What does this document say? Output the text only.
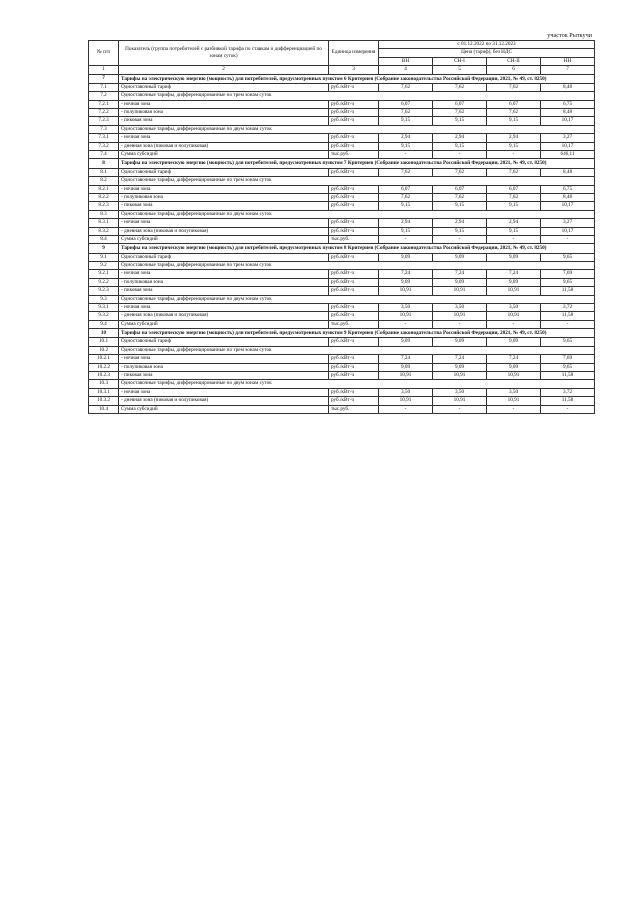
участок Рыткучи
№ п/п	Показатель (группа потребителей с разбивкой тарифа по ставкам и дифференциацией по зонам суток)	Единица измерения	с 01.12.2022 по 31.12.2023			
			Цена (тариф), без НДС			
			ВН	СН-I	СН-II	НН
1	2	3	4	5	6	7
7	Тарифы на электрическую энергию (мощность) для потребителей, предусмотренных пунктом 6 Критериев (Собрание законодательства Российской Федерации, 2021, № 49, ст. 8250)					
7.1	Одноставочный тариф	руб./кВт·ч	7,62	7,62	7,62	8,48
7.2	Одноставочные тарифы, дифференцированные по трем зонам суток					
7.2.1	- ночная зона	руб./кВт·ч	6,07	6,07	6,07	6,75
7.2.2	- полупиковая зона	руб./кВт·ч	7,62	7,62	7,62	8,48
7.2.3	- пиковая зона	руб./кВт·ч	9,15	9,15	9,15	10,17
7.3	Одноставочные тарифы, дифференцированные по двум зонам суток					
7.3.1	- ночная зона	руб./кВт·ч	2,94	2,94	2,94	3,27
7.3.2	- дневная зона (пиковая и полупиковая)	руб./кВт·ч	9,15	9,15	9,15	10,17
7.4	Сумма субсидий	тыс.руб.	-	-	-	646,11
8	Тарифы на электрическую энергию (мощность) для потребителей, предусмотренных пунктом 7 Критериев (Собрание законодательства Российской Федерации, 2021, № 49, ст. 8250)					
8.1	Одноставочный тариф	руб./кВт·ч	7,62	7,62	7,62	8,48
8.2	Одноставочные тарифы, дифференцированные по трем зонам суток					
8.2.1	- ночная зона	руб./кВт·ч	6,07	6,07	6,07	6,75
8.2.2	- полупиковая зона	руб./кВт·ч	7,62	7,62	7,62	8,48
8.2.3	- пиковая зона	руб./кВт·ч	9,15	9,15	9,15	10,17
8.3	Одноставочные тарифы, дифференцированные по двум зонам суток					
8.3.1	- ночная зона	руб./кВт·ч	2,94	2,94	2,94	3,27
8.3.2	- дневная зона (пиковая и полупиковая)	руб./кВт·ч	9,15	9,15	9,15	10,17
8.4	Сумма субсидий	тыс.руб.	-	-	-	-
9	Тарифы на электрическую энергию (мощность) для потребителей, предусмотренных пунктом 8 Критериев (Собрание законодательства Российской Федерации, 2021, № 49, ст. 8250)					
9.1	Одноставочный тариф	руб./кВт·ч	9,09	9,09	9,09	9,65
9.2	Одноставочные тарифы, дифференцированные по трем зонам суток					
9.2.1	- ночная зона	руб./кВт·ч	7,24	7,24	7,24	7,69
9.2.2	- полупиковая зона	руб./кВт·ч	9,09	9,09	9,09	9,65
9.2.3	- пиковая зона	руб./кВт·ч	10,91	10,91	10,91	11,58
9.3	Одноставочные тарифы, дифференцированные по двум зонам суток					
9.3.1	- ночная зона	руб./кВт·ч	3,50	3,50	3,50	3,72
9.3.2	- дневная зона (пиковая и полупиковая)	руб./кВт·ч	10,91	10,91	10,91	11,58
9.4	Сумма субсидий	тыс.руб.	-	-	-	-
10	Тарифы на электрическую энергию (мощность) для потребителей, предусмотренных пунктом 9 Критериев (Собрание законодательства Российской Федерации, 2021, № 49, ст. 8250)					
10.1	Одноставочный тариф	руб./кВт·ч	9,09	9,09	9,09	9,65
10.2	Одноставочные тарифы, дифференцированные по трем зонам суток					
10.2.1	- ночная зона	руб./кВт·ч	7,24	7,24	7,24	7,69
10.2.2	- полупиковая зона	руб./кВт·ч	9,09	9,09	9,09	9,65
10.2.3	- пиковая зона	руб./кВт·ч	10,91	10,91	10,91	11,58
10.3	Одноставочные тарифы, дифференцированные по двум зонам суток					
10.3.1	- ночная зона	руб./кВт·ч	3,50	3,50	3,50	3,72
10.3.2	- дневная зона (пиковая и полупиковая)	руб./кВт·ч	10,91	10,91	10,91	11,58
10.4	Сумма субсидий	тыс.руб.	-	-	-	-
